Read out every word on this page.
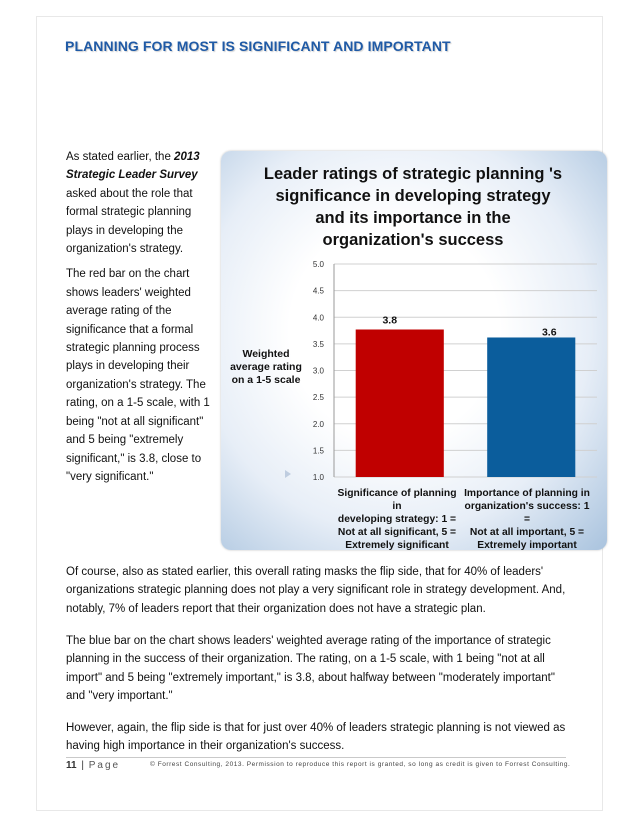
PLANNING FOR MOST IS SIGNIFICANT AND IMPORTANT

As stated earlier, the 2013 Strategic Leader Survey asked about the role that formal strategic planning plays in developing the organization's strategy.

The red bar on the chart shows leaders' weighted average rating of the significance that a formal strategic planning process plays in developing their organization's strategy. The rating, on a 1-5 scale, with 1 being "not at all significant" and 5 being "extremely significant," is 3.8, close to "very significant."

Leader ratings of strategic planning 's
significance in developing strategy
and its importance in the
organization's success
1.0
1.5
2.0
2.5
3.0
3.5
4.0
4.5
5.0
3.8
3.6
Weighted
average rating
on a 1-5 scale
Significance of planning in
developing strategy: 1 =
Not at all significant, 5 =
Extremely significant
Importance of planning in
organization's success: 1 =
Not at all important, 5 =
Extremely important

Of course, also as stated earlier, this overall rating masks the flip side, that for 40% of leaders' organizations strategic planning does not play a very significant role in strategy development. And, notably, 7% of leaders report that their organization does not have a strategic plan.

The blue bar on the chart shows leaders' weighted average rating of the importance of strategic planning in the success of their organization. The rating, on a 1-5 scale, with 1 being "not at all import" and 5 being "extremely important," is 3.8, about halfway between "moderately important" and "very important."

However, again, the flip side is that for just over 40% of leaders strategic planning is not viewed as having high importance in their organization's success.

11 | Page	© Forrest Consulting, 2013. Permission to reproduce this report is granted, so long as credit is given to Forrest Consulting.
